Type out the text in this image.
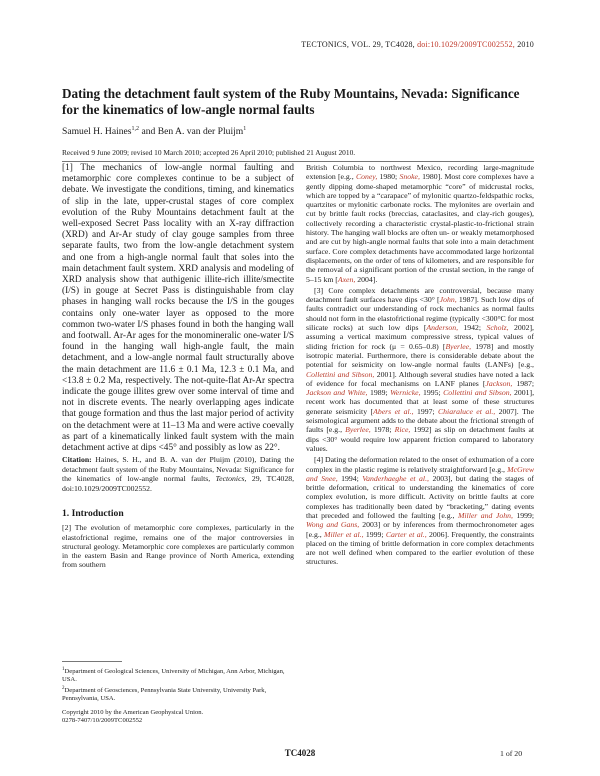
TECTONICS, VOL. 29, TC4028, doi:10.1029/2009TC002552, 2010
Dating the detachment fault system of the Ruby Mountains, Nevada: Significance for the kinematics of low-angle normal faults
Samuel H. Haines$^{1,2}$ and Ben A. van der Pluijm$^1$
Received 9 June 2009; revised 10 March 2010; accepted 26 April 2010; published 21 August 2010.

[1] The mechanics of low-angle normal faulting and metamorphic core complexes continue to be a subject of debate. We investigate the conditions, timing, and kinematics of slip in the late, upper-crustal stages of core complex evolution of the Ruby Mountains detachment fault at the well-exposed Secret Pass locality with an X-ray diffraction (XRD) and Ar-Ar study of clay gouge samples from three separate faults, two from the low-angle detachment system and one from a high-angle normal fault that soles into the main detachment fault system. XRD analysis and modeling of XRD analysis show that authigenic illite-rich illite/smectite (I/S) in gouge at Secret Pass is distinguishable from clay phases in hanging wall rocks because the I/S in the gouges contains only one-water layer as opposed to the more common two-water I/S phases found in both the hanging wall and footwall. Ar-Ar ages for the monomineralic one-water I/S found in the hanging wall high-angle fault, the main detachment, and a low-angle normal fault structurally above the main detachment are 11.6 ± 0.1 Ma, 12.3 ± 0.1 Ma, and <13.8 ± 0.2 Ma, respectively. The not-quite-flat Ar-Ar spectra indicate the gouge illites grew over some interval of time and not in discrete events. The nearly overlapping ages indicate that gouge formation and thus the last major period of activity on the detachment were at 11–13 Ma and were active coevally as part of a kinematically linked fault system with the main detachment active at dips <45° and possibly as low as 22°.

Citation: Haines, S. H., and B. A. van der Pluijm (2010), Dating the detachment fault system of the Ruby Mountains, Nevada: Significance for the kinematics of low-angle normal faults, Tectonics, 29, TC4028, doi:10.1029/2009TC002552.

1. Introduction

[2] The evolution of metamorphic core complexes, particularly in the elastofrictional regime, remains one of the major controversies in structural geology. Metamorphic core complexes are particularly common in the eastern Basin and Range province of North America, extending from southern

$^1$Department of Geological Sciences, University of Michigan, Ann Arbor, Michigan, USA.
$^2$Department of Geosciences, Pennsylvania State University, University Park, Pennsylvania, USA.
Copyright 2010 by the American Geophysical Union.
0278-7407/10/2009TC002552

British Columbia to northwest Mexico, recording large-magnitude extension [e.g., Coney, 1980; Snoke, 1980]. Most core complexes have a gently dipping dome-shaped metamorphic “core” of midcrustal rocks, which are topped by a “carapace” of mylonitic quartzo-feldspathic rocks, quartzites or mylonitic carbonate rocks. The mylonites are overlain and cut by brittle fault rocks (breccias, cataclasites, and clay-rich gouges), collectively recording a characteristic crystal-plastic-to-frictional strain history. The hanging wall blocks are often un- or weakly metamorphosed and are cut by high-angle normal faults that sole into a main detachment surface. Core complex detachments have accommodated large horizontal displacements, on the order of tens of kilometers, and are responsible for the removal of a significant portion of the crustal section, in the range of 5–15 km [Axen, 2004].

[3] Core complex detachments are controversial, because many detachment fault surfaces have dips <30° [John, 1987]. Such low dips of faults contradict our understanding of rock mechanics as normal faults should not form in the elastofrictional regime (typically <300°C for most silicate rocks) at such low dips [Anderson, 1942; Scholz, 2002], assuming a vertical maximum compressive stress, typical values of sliding friction for rock (μ = 0.65–0.8) [Byerlee, 1978] and mostly isotropic material. Furthermore, there is considerable debate about the potential for seismicity on low-angle normal faults (LANFs) [e.g., Collettini and Sibson, 2001]. Although several studies have noted a lack of evidence for focal mechanisms on LANF planes [Jackson, 1987; Jackson and White, 1989; Wernicke, 1995; Collettini and Sibson, 2001], recent work has documented that at least some of these structures generate seismicity [Abers et al., 1997; Chiaraluce et al., 2007]. The seismological argument adds to the debate about the frictional strength of faults [e.g., Byerlee, 1978; Rice, 1992] as slip on detachment faults at dips <30° would require low apparent friction compared to laboratory values.

[4] Dating the deformation related to the onset of exhumation of a core complex in the plastic regime is relatively straightforward [e.g., McGrew and Snee, 1994; Vanderhaeghe et al., 2003], but dating the stages of brittle deformation, critical to understanding the kinematics of core complex evolution, is more difficult. Activity on brittle faults at core complexes has traditionally been dated by “bracketing,” dating events that preceded and followed the faulting [e.g., Miller and John, 1999; Wong and Gans, 2003] or by inferences from thermochronometer ages [e.g., Miller et al., 1999; Carter et al., 2006]. Frequently, the constraints placed on the timing of brittle deformation in core complex detachments are not well defined when compared to the earlier evolution of these structures.

TC4028	1 of 20
